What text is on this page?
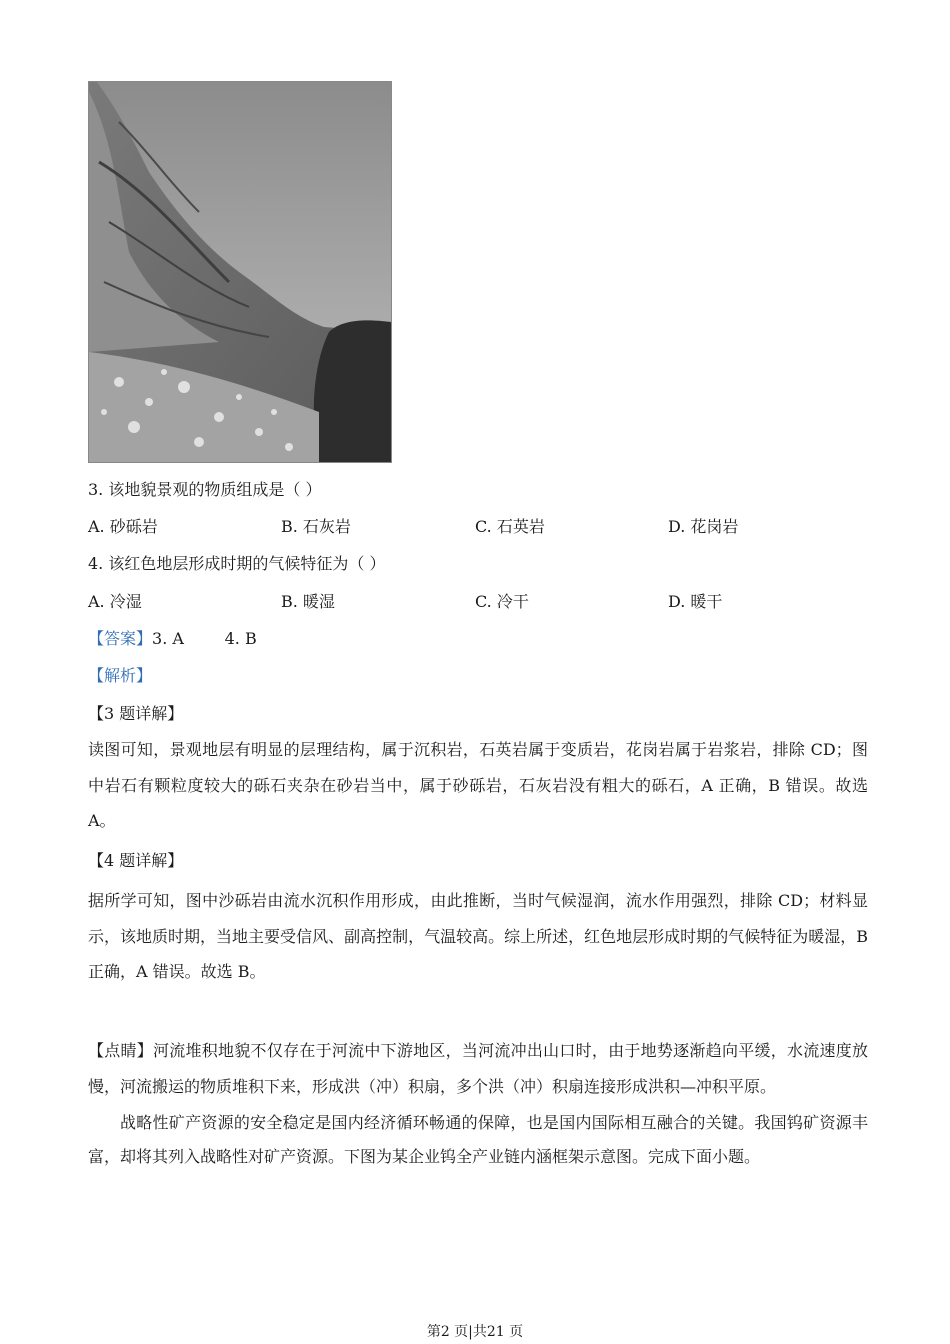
3. 该地貌景观的物质组成是（ ）
A. 砂砾岩	B. 石灰岩	C. 石英岩	D. 花岗岩
4. 该红色地层形成时期的气候特征为（ ）
A. 冷湿	B. 暖湿	C. 冷干	D. 暖干
【答案】3. A        4. B
【解析】
【3 题详解】
读图可知，景观地层有明显的层理结构，属于沉积岩，石英岩属于变质岩，花岗岩属于岩浆岩，排除 CD；图中岩石有颗粒度较大的砾石夹杂在砂岩当中，属于砂砾岩，石灰岩没有粗大的砾石，A 正确，B 错误。故选 A。
【4 题详解】
据所学可知，图中沙砾岩由流水沉积作用形成，由此推断，当时气候湿润，流水作用强烈，排除 CD；材料显示，该地质时期，当地主要受信风、副高控制，气温较高。综上所述，红色地层形成时期的气候特征为暖湿，B 正确，A 错误。故选 B。
【点睛】河流堆积地貌不仅存在于河流中下游地区，当河流冲出山口时，由于地势逐渐趋向平缓，水流速度放慢，河流搬运的物质堆积下来，形成洪（冲）积扇，多个洪（冲）积扇连接形成洪积—冲积平原。
战略性矿产资源的安全稳定是国内经济循环畅通的保障，也是国内国际相互融合的关键。我国钨矿资源丰富，却将其列入战略性对矿产资源。下图为某企业钨全产业链内涵框架示意图。完成下面小题。
第2 页|共21 页
